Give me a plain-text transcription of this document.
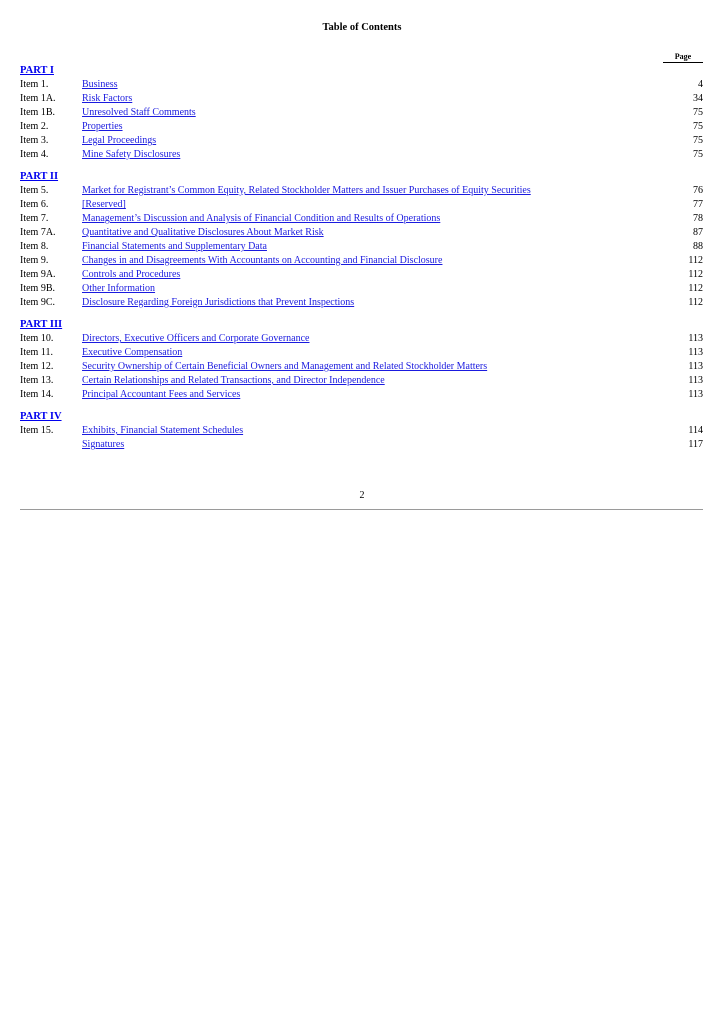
Table of Contents
Page
PART I
Item 1.	Business	4
Item 1A.	Risk Factors	34
Item 1B.	Unresolved Staff Comments	75
Item 2.	Properties	75
Item 3.	Legal Proceedings	75
Item 4.	Mine Safety Disclosures	75
PART II
Item 5.	Market for Registrant’s Common Equity, Related Stockholder Matters and Issuer Purchases of Equity Securities	76
Item 6.	[Reserved]	77
Item 7.	Management’s Discussion and Analysis of Financial Condition and Results of Operations	78
Item 7A.	Quantitative and Qualitative Disclosures About Market Risk	87
Item 8.	Financial Statements and Supplementary Data	88
Item 9.	Changes in and Disagreements With Accountants on Accounting and Financial Disclosure	112
Item 9A.	Controls and Procedures	112
Item 9B.	Other Information	112
Item 9C.	Disclosure Regarding Foreign Jurisdictions that Prevent Inspections	112
PART III
Item 10.	Directors, Executive Officers and Corporate Governance	113
Item 11.	Executive Compensation	113
Item 12.	Security Ownership of Certain Beneficial Owners and Management and Related Stockholder Matters	113
Item 13.	Certain Relationships and Related Transactions, and Director Independence	113
Item 14.	Principal Accountant Fees and Services	113
PART IV
Item 15.	Exhibits, Financial Statement Schedules	114
Signatures	117
2
